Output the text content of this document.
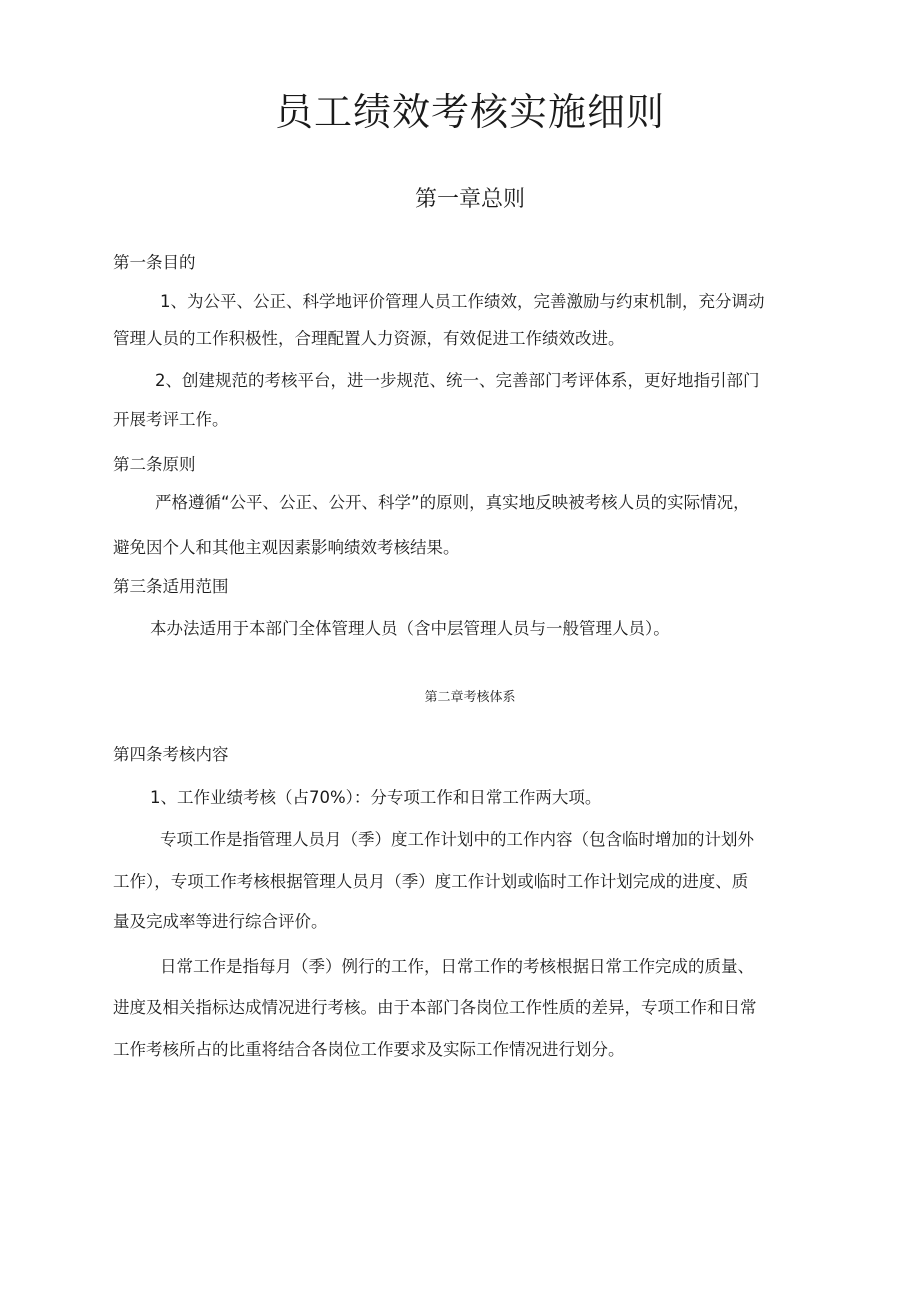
员工绩效考核实施细则
第一章总则
第一条目的
1、为公平、公正、科学地评价管理人员工作绩效，完善激励与约束机制，充分调动
管理人员的工作积极性，合理配置人力资源，有效促进工作绩效改进。
2、创建规范的考核平台，进一步规范、统一、完善部门考评体系，更好地指引部门
开展考评工作。
第二条原则
严格遵循“公平、公正、公开、科学”的原则，真实地反映被考核人员的实际情况，
避免因个人和其他主观因素影响绩效考核结果。
第三条适用范围
本办法适用于本部门全体管理人员（含中层管理人员与一般管理人员）。
第二章考核体系
第四条考核内容
1、工作业绩考核（占70%）：分专项工作和日常工作两大项。
专项工作是指管理人员月（季）度工作计划中的工作内容（包含临时增加的计划外
工作），专项工作考核根据管理人员月（季）度工作计划或临时工作计划完成的进度、质
量及完成率等进行综合评价。
日常工作是指每月（季）例行的工作，日常工作的考核根据日常工作完成的质量、
进度及相关指标达成情况进行考核。由于本部门各岗位工作性质的差异，专项工作和日常
工作考核所占的比重将结合各岗位工作要求及实际工作情况进行划分。
